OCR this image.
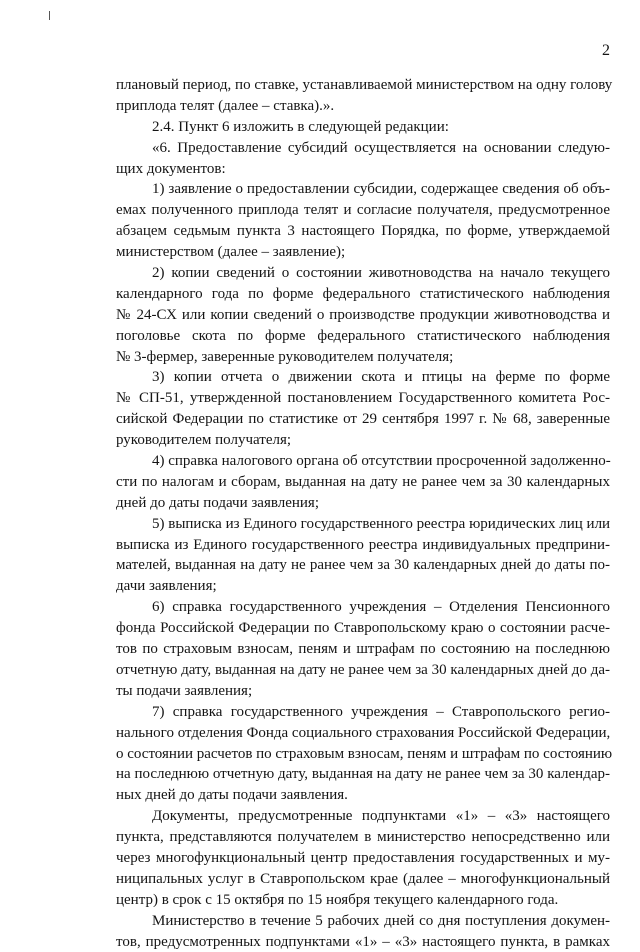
2
плановый период, по ставке, устанавливаемой министерством на одну голову
приплода телят (далее – ставка).».
2.4. Пункт 6 изложить в следующей редакции:
«6. Предоставление субсидий осуществляется на основании следую-
щих документов:
1) заявление о предоставлении субсидии, содержащее сведения об объ-
емах полученного приплода телят и согласие получателя, предусмотренное
абзацем седьмым пункта 3 настоящего Порядка, по форме, утверждаемой
министерством (далее – заявление);
2) копии сведений о состоянии животноводства на начало текущего
календарного года по форме федерального статистического наблюдения
№ 24-СХ или копии сведений о производстве продукции животноводства и
поголовье скота по форме федерального статистического наблюдения
№ 3-фермер, заверенные руководителем получателя;
3) копии отчета о движении скота и птицы на ферме по форме
№ СП-51, утвержденной постановлением Государственного комитета Рос-
сийской Федерации по статистике от 29 сентября 1997 г. № 68, заверенные
руководителем получателя;
4) справка налогового органа об отсутствии просроченной задолженно-
сти по налогам и сборам, выданная на дату не ранее чем за 30 календарных
дней до даты подачи заявления;
5) выписка из Единого государственного реестра юридических лиц или
выписка из Единого государственного реестра индивидуальных предприни-
мателей, выданная на дату не ранее чем за 30 календарных дней до даты по-
дачи заявления;
6) справка государственного учреждения – Отделения Пенсионного
фонда Российской Федерации по Ставропольскому краю о состоянии расче-
тов по страховым взносам, пеням и штрафам по состоянию на последнюю
отчетную дату, выданная на дату не ранее чем за 30 календарных дней до да-
ты подачи заявления;
7) справка государственного учреждения – Ставропольского регио-
нального отделения Фонда социального страхования Российской Федерации,
о состоянии расчетов по страховым взносам, пеням и штрафам по состоянию
на последнюю отчетную дату, выданная на дату не ранее чем за 30 календар-
ных дней до даты подачи заявления.
Документы, предусмотренные подпунктами «1» – «3» настоящего
пункта, представляются получателем в министерство непосредственно или
через многофункциональный центр предоставления государственных и му-
ниципальных услуг в Ставропольском крае (далее – многофункциональный
центр) в срок с 15 октября по 15 ноября текущего календарного года.
Министерство в течение 5 рабочих дней со дня поступления докумен-
тов, предусмотренных подпунктами «1» – «3» настоящего пункта, в рамках
